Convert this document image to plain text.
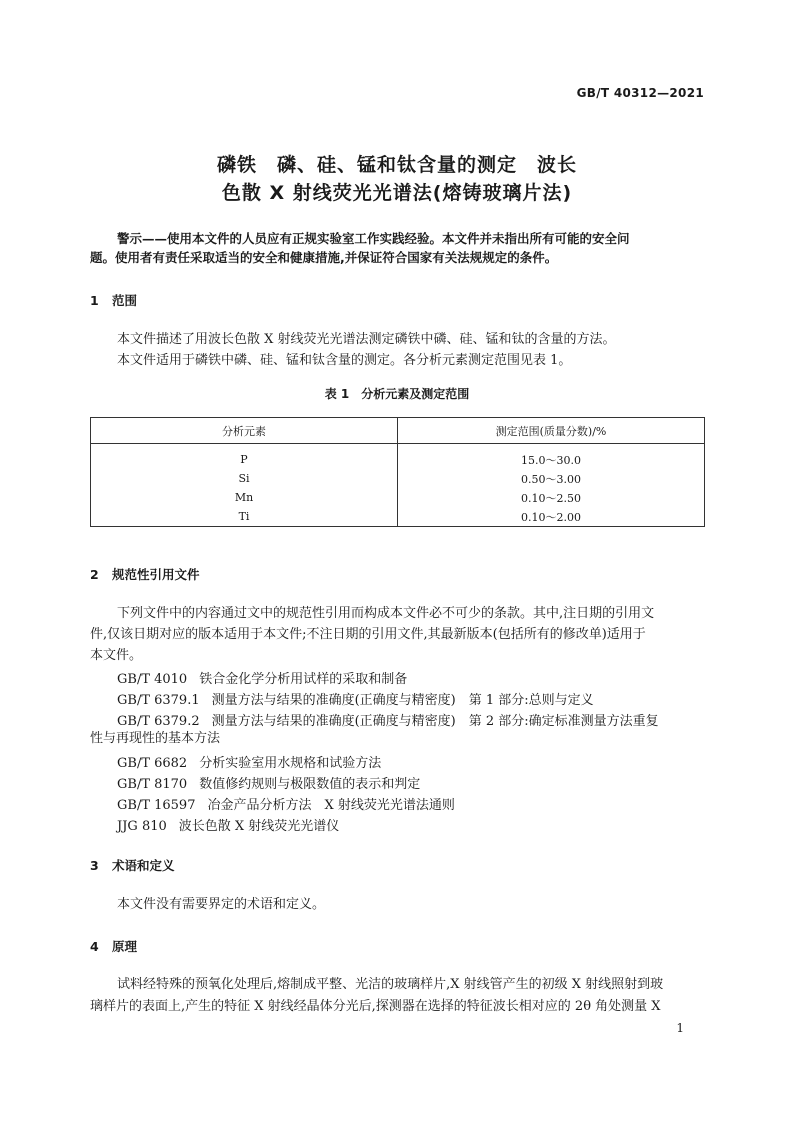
GB/T 40312—2021
磷铁　磷、硅、锰和钛含量的测定　波长
色散 X 射线荧光光谱法(熔铸玻璃片法)
警示——使用本文件的人员应有正规实验室工作实践经验。本文件并未指出所有可能的安全问
题。使用者有责任采取适当的安全和健康措施,并保证符合国家有关法规规定的条件。
1 范围
本文件描述了用波长色散 X 射线荧光光谱法测定磷铁中磷、硅、锰和钛的含量的方法。
本文件适用于磷铁中磷、硅、锰和钛含量的测定。各分析元素测定范围见表 1。
表 1　分析元素及测定范围
分析元素	测定范围(质量分数)/%
P	15.0～30.0
Si	0.50～3.00
Mn	0.10～2.50
Ti	0.10～2.00
2 规范性引用文件
下列文件中的内容通过文中的规范性引用而构成本文件必不可少的条款。其中,注日期的引用文
件,仅该日期对应的版本适用于本文件;不注日期的引用文件,其最新版本(包括所有的修改单)适用于
本文件。
GB/T 4010 铁合金化学分析用试样的采取和制备
GB/T 6379.1 测量方法与结果的准确度(正确度与精密度)　第 1 部分:总则与定义
GB/T 6379.2 测量方法与结果的准确度(正确度与精密度)　第 2 部分:确定标准测量方法重复
性与再现性的基本方法
GB/T 6682 分析实验室用水规格和试验方法
GB/T 8170 数值修约规则与极限数值的表示和判定
GB/T 16597 冶金产品分析方法　X 射线荧光光谱法通则
JJG 810 波长色散 X 射线荧光光谱仪
3 术语和定义
本文件没有需要界定的术语和定义。
4 原理
试料经特殊的预氧化处理后,熔制成平整、光洁的玻璃样片,X 射线管产生的初级 X 射线照射到玻
璃样片的表面上,产生的特征 X 射线经晶体分光后,探测器在选择的特征波长相对应的 2θ 角处测量 X
1
